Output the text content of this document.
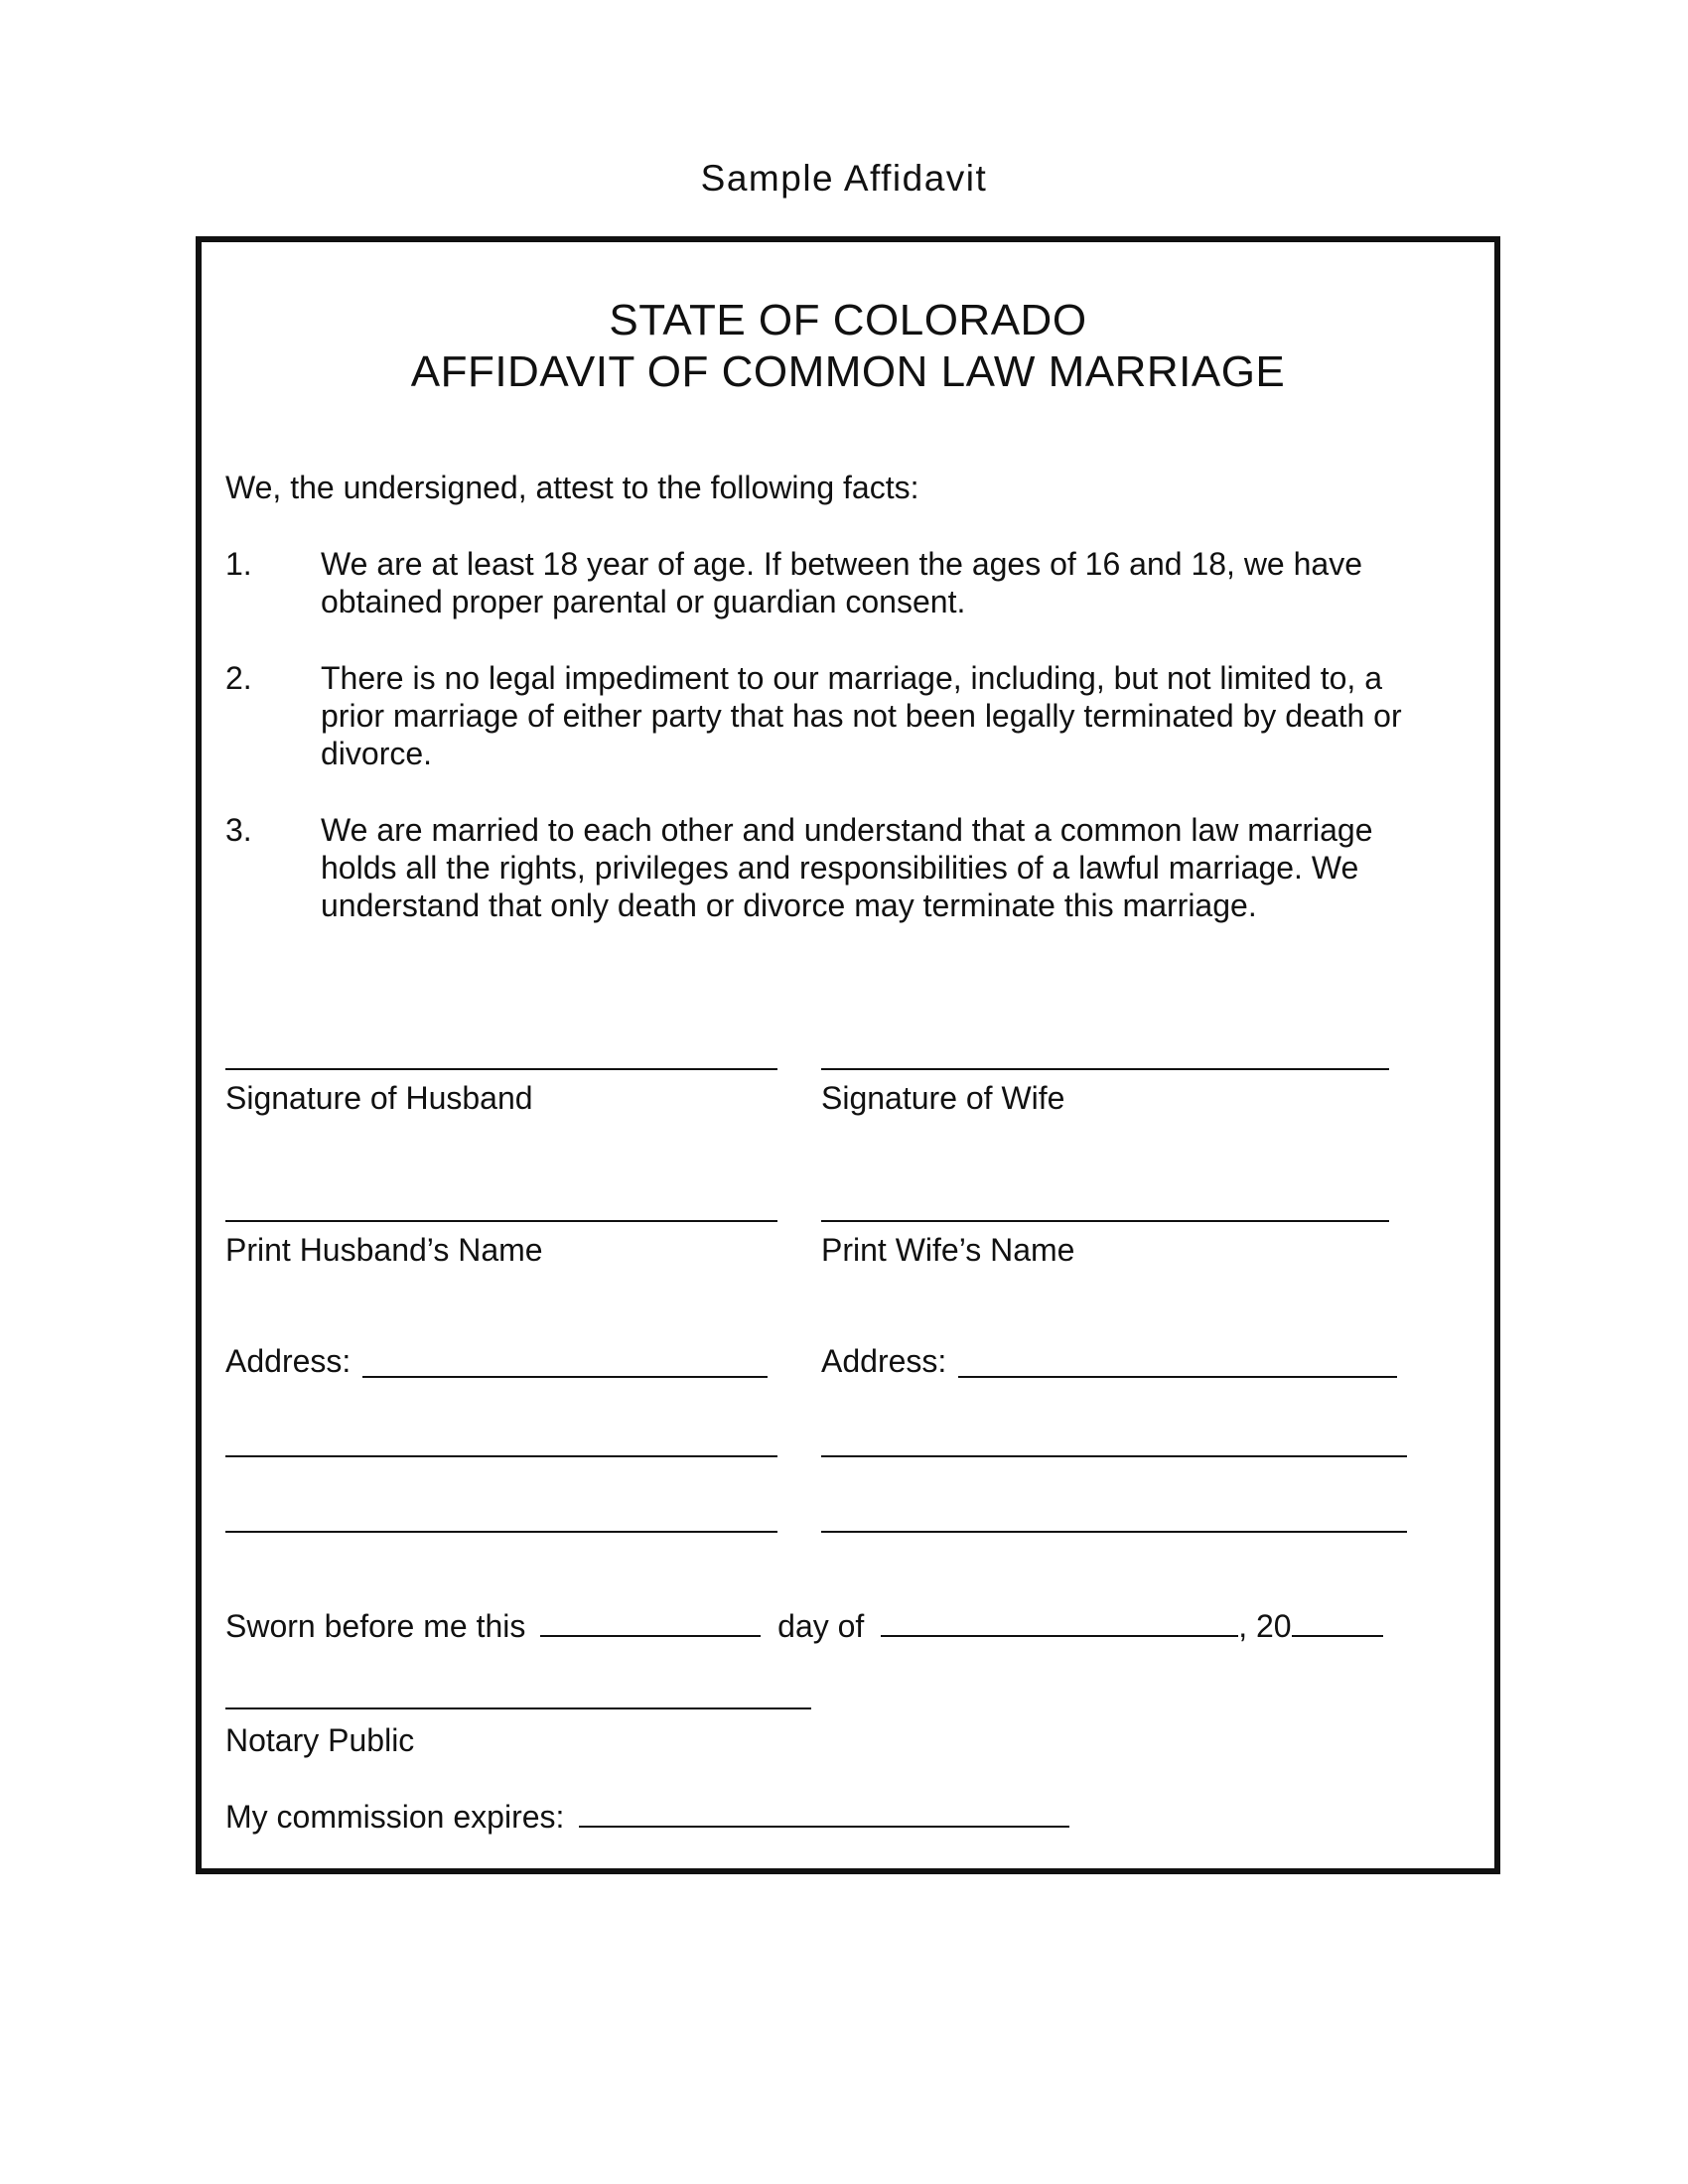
Sample Affidavit
STATE OF COLORADO
AFFIDAVIT OF COMMON LAW MARRIAGE
We, the undersigned, attest to the following facts:
1. We are at least 18 year of age. If between the ages of 16 and 18, we have
obtained proper parental or guardian consent.
2. There is no legal impediment to our marriage, including, but not limited to, a
prior marriage of either party that has not been legally terminated by death or
divorce.
3. We are married to each other and understand that a common law marriage
holds all the rights, privileges and responsibilities of a lawful marriage. We
understand that only death or divorce may terminate this marriage.
Signature of Husband	Signature of Wife
Print Husband’s Name	Print Wife’s Name
Address:	Address:
Sworn before me this	day of	, 20
Notary Public
My commission expires:
